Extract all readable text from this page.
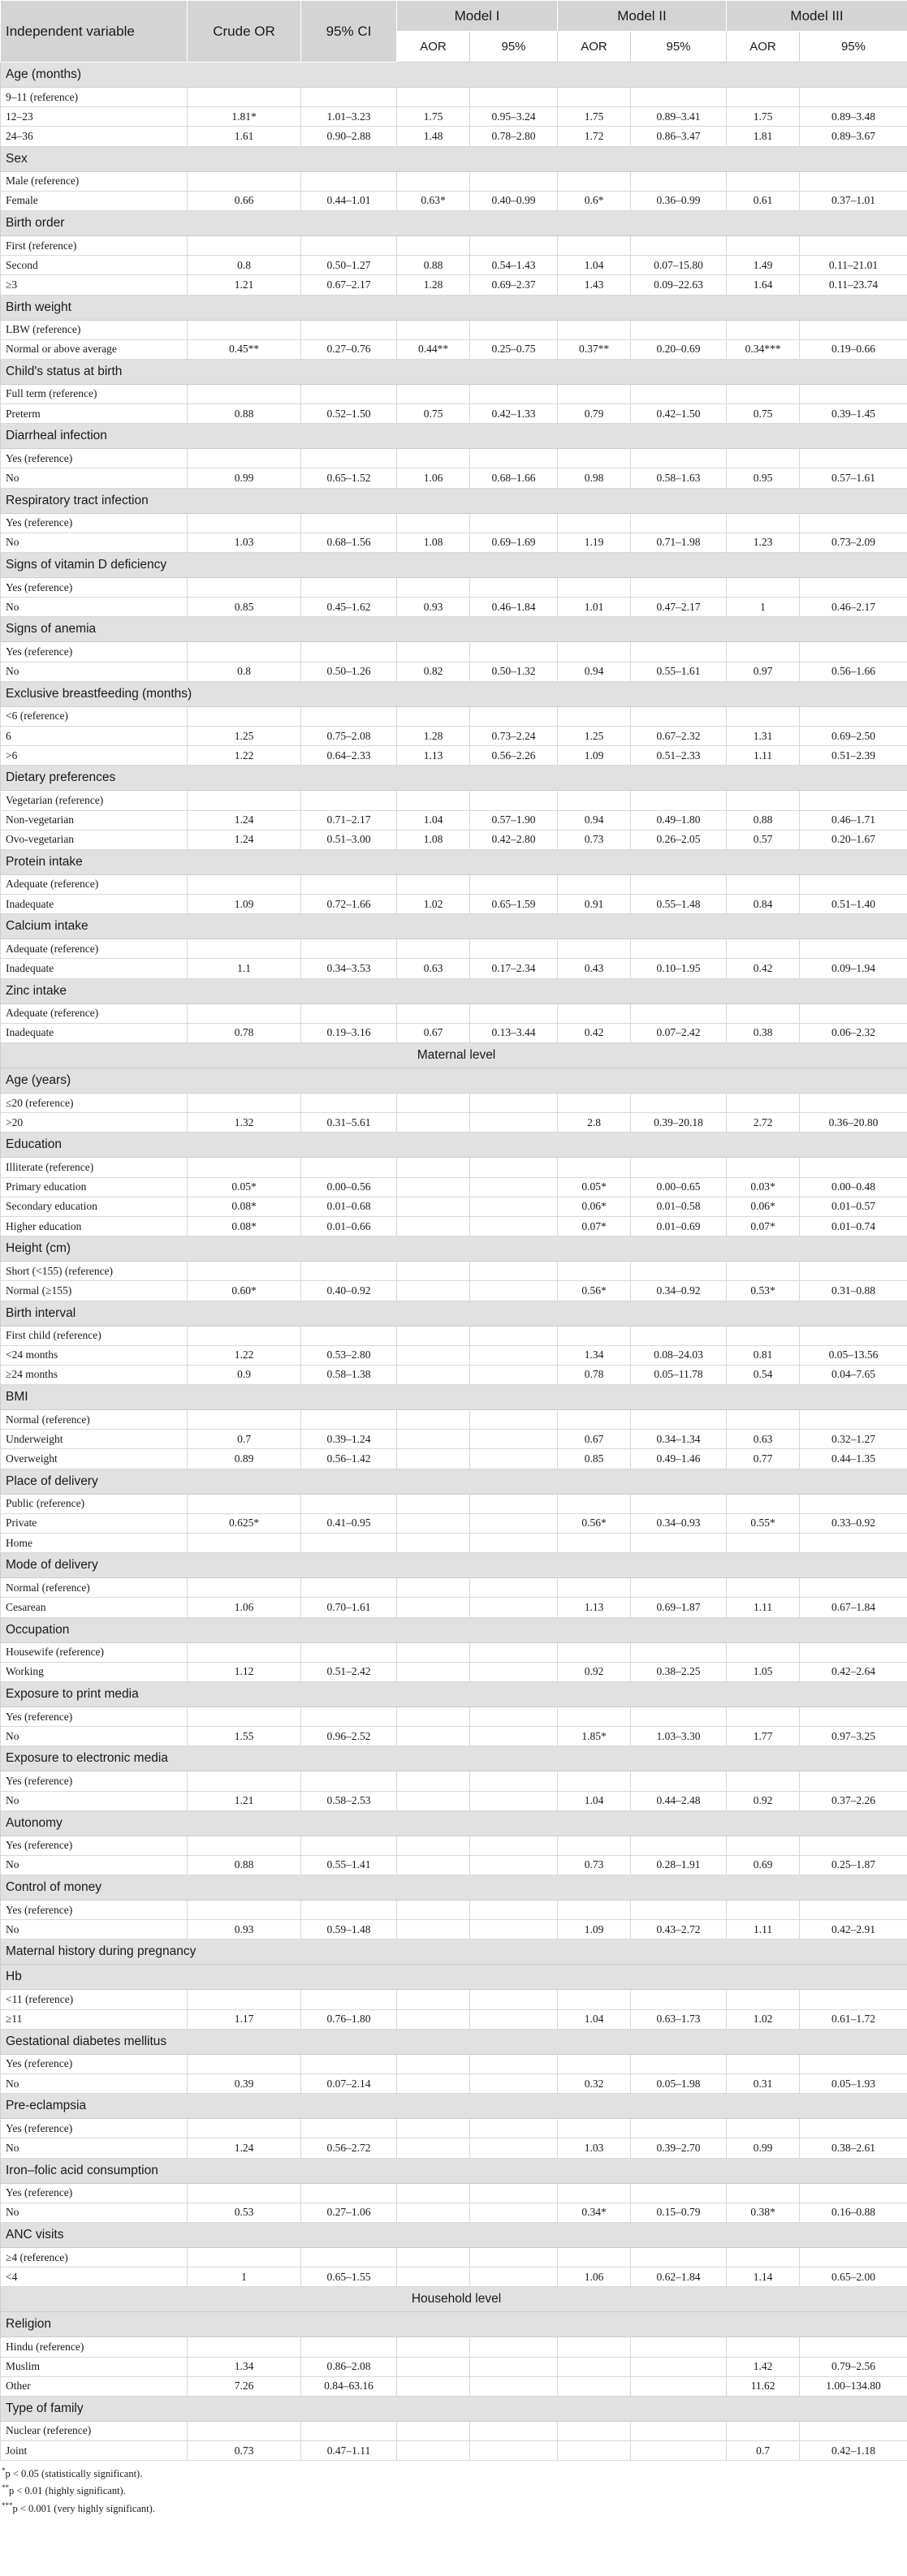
Independent variable	Crude OR	95% CI	Model I		Model II		Model III	
			AOR	95%	AOR	95%	AOR	95%
Age (months)								
9–11 (reference)								
12–23	1.81*	1.01–3.23	1.75	0.95–3.24	1.75	0.89–3.41	1.75	0.89–3.48
24–36	1.61	0.90–2.88	1.48	0.78–2.80	1.72	0.86–3.47	1.81	0.89–3.67
Sex								
Male (reference)								
Female	0.66	0.44–1.01	0.63*	0.40–0.99	0.6*	0.36–0.99	0.61	0.37–1.01
Birth order								
First (reference)								
Second	0.8	0.50–1.27	0.88	0.54–1.43	1.04	0.07–15.80	1.49	0.11–21.01
≥3	1.21	0.67–2.17	1.28	0.69–2.37	1.43	0.09–22.63	1.64	0.11–23.74
Birth weight								
LBW (reference)								
Normal or above average	0.45**	0.27–0.76	0.44**	0.25–0.75	0.37**	0.20–0.69	0.34***	0.19–0.66
Child's status at birth								
Full term (reference)								
Preterm	0.88	0.52–1.50	0.75	0.42–1.33	0.79	0.42–1.50	0.75	0.39–1.45
Diarrheal infection								
Yes (reference)								
No	0.99	0.65–1.52	1.06	0.68–1.66	0.98	0.58–1.63	0.95	0.57–1.61
Respiratory tract infection								
Yes (reference)								
No	1.03	0.68–1.56	1.08	0.69–1.69	1.19	0.71–1.98	1.23	0.73–2.09
Signs of vitamin D deficiency								
Yes (reference)								
No	0.85	0.45–1.62	0.93	0.46–1.84	1.01	0.47–2.17	1	0.46–2.17
Signs of anemia								
Yes (reference)								
No	0.8	0.50–1.26	0.82	0.50–1.32	0.94	0.55–1.61	0.97	0.56–1.66
Exclusive breastfeeding (months)								
<6 (reference)								
6	1.25	0.75–2.08	1.28	0.73–2.24	1.25	0.67–2.32	1.31	0.69–2.50
>6	1.22	0.64–2.33	1.13	0.56–2.26	1.09	0.51–2.33	1.11	0.51–2.39
Dietary preferences								
Vegetarian (reference)								
Non-vegetarian	1.24	0.71–2.17	1.04	0.57–1.90	0.94	0.49–1.80	0.88	0.46–1.71
Ovo-vegetarian	1.24	0.51–3.00	1.08	0.42–2.80	0.73	0.26–2.05	0.57	0.20–1.67
Protein intake								
Adequate (reference)								
Inadequate	1.09	0.72–1.66	1.02	0.65–1.59	0.91	0.55–1.48	0.84	0.51–1.40
Calcium intake								
Adequate (reference)								
Inadequate	1.1	0.34–3.53	0.63	0.17–2.34	0.43	0.10–1.95	0.42	0.09–1.94
Zinc intake								
Adequate (reference)								
Inadequate	0.78	0.19–3.16	0.67	0.13–3.44	0.42	0.07–2.42	0.38	0.06–2.32
Maternal level								
Age (years)								
≤20 (reference)								
>20	1.32	0.31–5.61			2.8	0.39–20.18	2.72	0.36–20.80
Education								
Illiterate (reference)								
Primary education	0.05*	0.00–0.56			0.05*	0.00–0.65	0.03*	0.00–0.48
Secondary education	0.08*	0.01–0.68			0.06*	0.01–0.58	0.06*	0.01–0.57
Higher education	0.08*	0.01–0.66			0.07*	0.01–0.69	0.07*	0.01–0.74
Height (cm)								
Short (<155) (reference)								
Normal (≥155)	0.60*	0.40–0.92			0.56*	0.34–0.92	0.53*	0.31–0.88
Birth interval								
First child (reference)								
<24 months	1.22	0.53–2.80			1.34	0.08–24.03	0.81	0.05–13.56
≥24 months	0.9	0.58–1.38			0.78	0.05–11.78	0.54	0.04–7.65
BMI								
Normal (reference)								
Underweight	0.7	0.39–1.24			0.67	0.34–1.34	0.63	0.32–1.27
Overweight	0.89	0.56–1.42			0.85	0.49–1.46	0.77	0.44–1.35
Place of delivery								
Public (reference)								
Private	0.625*	0.41–0.95			0.56*	0.34–0.93	0.55*	0.33–0.92
Home								
Mode of delivery								
Normal (reference)								
Cesarean	1.06	0.70–1.61			1.13	0.69–1.87	1.11	0.67–1.84
Occupation								
Housewife (reference)								
Working	1.12	0.51–2.42			0.92	0.38–2.25	1.05	0.42–2.64
Exposure to print media								
Yes (reference)								
No	1.55	0.96–2.52			1.85*	1.03–3.30	1.77	0.97–3.25
Exposure to electronic media								
Yes (reference)								
No	1.21	0.58–2.53			1.04	0.44–2.48	0.92	0.37–2.26
Autonomy								
Yes (reference)								
No	0.88	0.55–1.41			0.73	0.28–1.91	0.69	0.25–1.87
Control of money								
Yes (reference)								
No	0.93	0.59–1.48			1.09	0.43–2.72	1.11	0.42–2.91
Maternal history during pregnancy								
Hb								
<11 (reference)								
≥11	1.17	0.76–1.80			1.04	0.63–1.73	1.02	0.61–1.72
Gestational diabetes mellitus								
Yes (reference)								
No	0.39	0.07–2.14			0.32	0.05–1.98	0.31	0.05–1.93
Pre-eclampsia								
Yes (reference)								
No	1.24	0.56–2.72			1.03	0.39–2.70	0.99	0.38–2.61
Iron–folic acid consumption								
Yes (reference)								
No	0.53	0.27–1.06			0.34*	0.15–0.79	0.38*	0.16–0.88
ANC visits								
≥4 (reference)								
<4	1	0.65–1.55			1.06	0.62–1.84	1.14	0.65–2.00
Household level								
Religion								
Hindu (reference)								
Muslim	1.34	0.86–2.08					1.42	0.79–2.56
Other	7.26	0.84–63.16					11.62	1.00–134.80
Type of family								
Nuclear (reference)								
Joint	0.73	0.47–1.11					0.7	0.42–1.18
*p < 0.05 (statistically significant).
**p < 0.01 (highly significant).
***p < 0.001 (very highly significant).
